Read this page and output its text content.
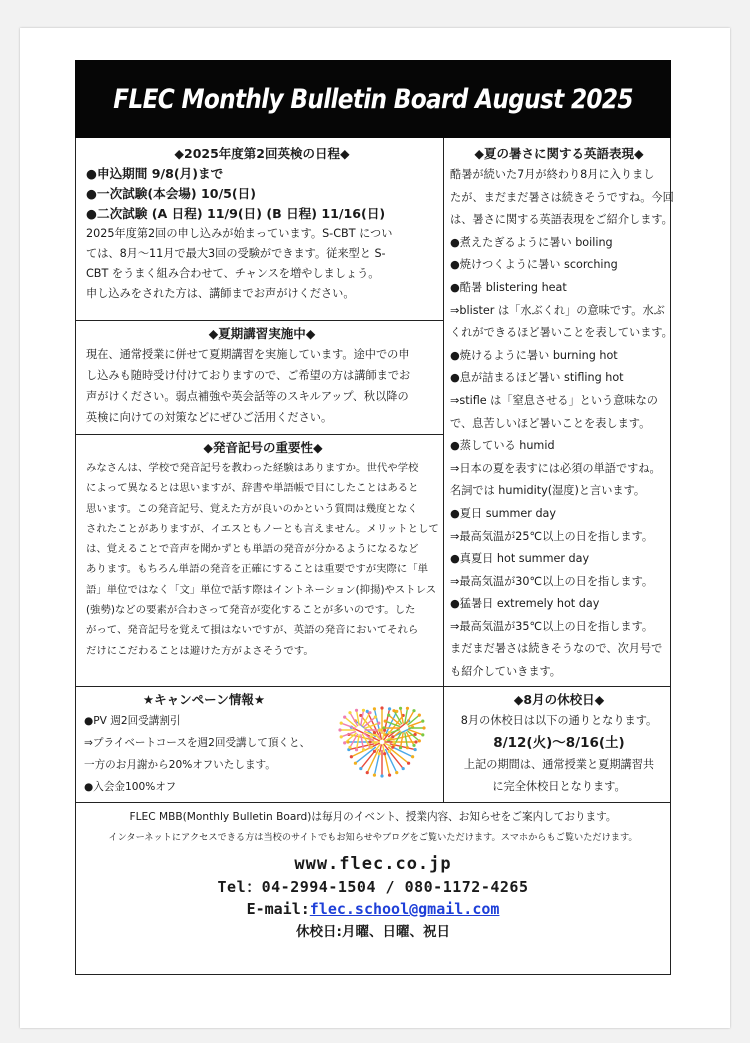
FLEC Monthly Bulletin Board August 2025
◆2025年度第2回英検の日程◆

●申込期間 9/8(月)まで

●一次試験(本会場) 10/5(日)

●二次試験 (A 日程) 11/9(日) (B 日程) 11/16(日)

2025年度第2回の申し込みが始まっています。S-CBT につい

ては、8月～11月で最大3回の受験ができます。従来型と S-

CBT をうまく組み合わせて、チャンスを増やしましょう。

申し込みをされた方は、講師までお声がけください。

◆夏期講習実施中◆

現在、通常授業に併せて夏期講習を実施しています。途中での申

し込みも随時受け付けておりますので、ご希望の方は講師までお

声がけください。弱点補強や英会話等のスキルアップ、秋以降の

英検に向けての対策などにぜひご活用ください。

◆発音記号の重要性◆

みなさんは、学校で発音記号を教わった経験はありますか。世代や学校

によって異なるとは思いますが、辞書や単語帳で目にしたことはあると

思います。この発音記号、覚えた方が良いのかという質問は幾度となく

されたことがありますが、イエスともノーとも言えません。メリットとして

は、覚えることで音声を聞かずとも単語の発音が分かるようになるなど

あります。もちろん単語の発音を正確にすることは重要ですが実際に「単

語」単位ではなく「文」単位で話す際はイントネーション(抑揚)やストレス

(強勢)などの要素が合わさって発音が変化することが多いのです。した

がって、発音記号を覚えて損はないですが、英語の発音においてそれら

だけにこだわることは避けた方がよさそうです。

◆夏の暑さに関する英語表現◆
酷暑が続いた7月が終わり8月に入りまし
たが、まだまだ暑さは続きそうですね。今回
は、暑さに関する英語表現をご紹介します。
●煮えたぎるように暑い boiling
●焼けつくように暑い scorching
●酷暑 blistering heat
⇒blister は「水ぶくれ」の意味です。水ぶ
くれができるほど暑いことを表しています。
●焼けるように暑い burning hot
●息が詰まるほど暑い stifling hot
⇒stifle は「窒息させる」という意味なの
で、息苦しいほど暑いことを表します。
●蒸している humid
⇒日本の夏を表すには必須の単語ですね。
名詞では humidity(湿度)と言います。
●夏日 summer day
⇒最高気温が25℃以上の日を指します。
●真夏日 hot summer day
⇒最高気温が30℃以上の日を指します。
●猛暑日 extremely hot day
⇒最高気温が35℃以上の日を指します。
まだまだ暑さは続きそうなので、次月号で
も紹介していきます。
★キャンペーン情報★

●PV 週2回受講割引

⇒プライベートコースを週2回受講して頂くと、

一方のお月謝から20%オフいたします。

●入会金100%オフ

◆8月の休校日◆

8月の休校日は以下の通りとなります。

8/12(火)～8/16(土)

上記の期間は、通常授業と夏期講習共

に完全休校日となります。

FLEC MBB(Monthly Bulletin Board)は毎月のイベント、授業内容、お知らせをご案内しております。
インターネットにアクセスできる方は当校のサイトでもお知らせやブログをご覧いただけます。スマホからもご覧いただけます。
www.flec.co.jp
Tel：04-2994-1504 / 080-1172-4265
E-mail:flec.school@gmail.com
休校日:月曜、日曜、祝日
